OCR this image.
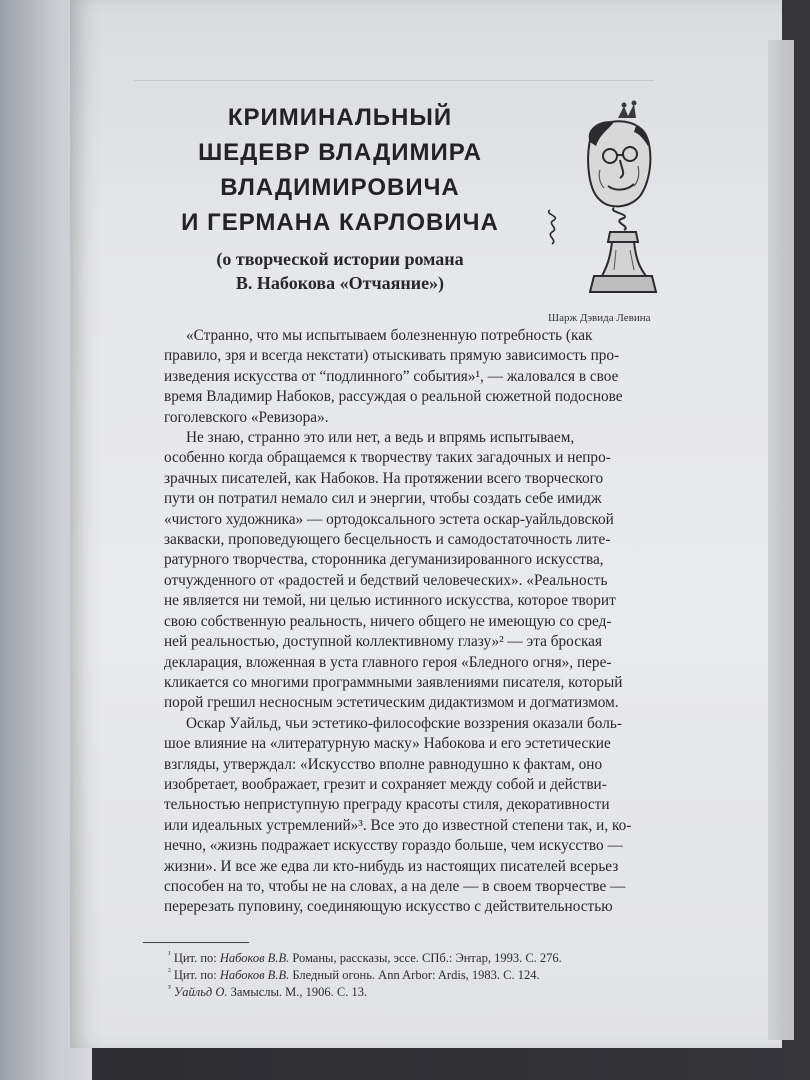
КРИМИНАЛЬНЫЙ
ШЕДЕВР ВЛАДИМИРА
ВЛАДИМИРОВИЧА
И ГЕРМАНА КАРЛОВИЧА
(о творческой истории романа
В. Набокова «Отчаяние»)
Шарж Дэвида Левина
«Странно, что мы испытываем болезненную потребность (как
правило, зря и всегда некстати) отыскивать прямую зависимость про-
изведения искусства от “подлинного” события»¹, — жаловался в свое
время Владимир Набоков, рассуждая о реальной сюжетной подоснове
гоголевского «Ревизора».
Не знаю, странно это или нет, а ведь и впрямь испытываем,
особенно когда обращаемся к творчеству таких загадочных и непро-
зрачных писателей, как Набоков. На протяжении всего творческого
пути он потратил немало сил и энергии, чтобы создать себе имидж
«чистого художника» — ортодоксального эстета оскар-уайльдовской
закваски, проповедующего бесцельность и самодостаточность лите-
ратурного творчества, сторонника дегуманизированного искусства,
отчужденного от «радостей и бедствий человеческих». «Реальность
не является ни темой, ни целью истинного искусства, которое творит
свою собственную реальность, ничего общего не имеющую со сред-
ней реальностью, доступной коллективному глазу»² — эта броская
декларация, вложенная в уста главного героя «Бледного огня», пере-
кликается со многими программными заявлениями писателя, который
порой грешил несносным эстетическим дидактизмом и догматизмом.
Оскар Уайльд, чьи эстетико-философские воззрения оказали боль-
шое влияние на «литературную маску» Набокова и его эстетические
взгляды, утверждал: «Искусство вполне равнодушно к фактам, оно
изобретает, воображает, грезит и сохраняет между собой и действи-
тельностью неприступную преграду красоты стиля, декоративности
или идеальных устремлений»³. Все это до известной степени так, и, ко-
нечно, «жизнь подражает искусству гораздо больше, чем искусство —
жизни». И все же едва ли кто-нибудь из настоящих писателей всерьез
способен на то, чтобы не на словах, а на деле — в своем творчестве —
перерезать пуповину, соединяющую искусство с действительностью
$^{^1}$ Цит. по: Набоков В.В. Романы, рассказы, эссе. СПб.: Энтар, 1993. С. 276.
$^{^2}$ Цит. по: Набоков В.В. Бледный огонь. Ann Arbor: Ardis, 1983. С. 124.
$^{^3}$ Уайльд О. Замыслы. М., 1906. С. 13.
